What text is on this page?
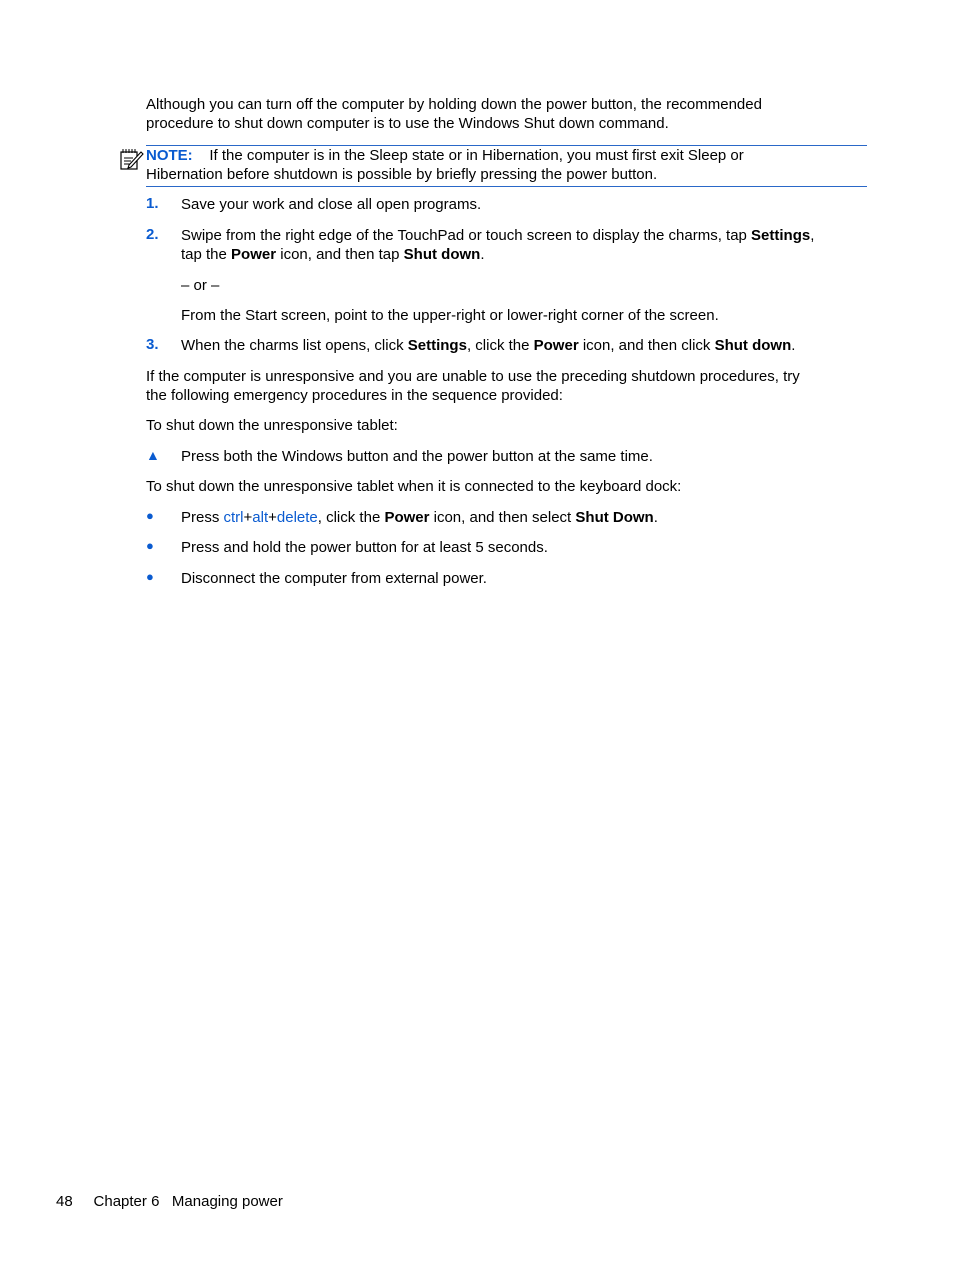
Although you can turn off the computer by holding down the power button, the recommended
procedure to shut down computer is to use the Windows Shut down command.

NOTE: If the computer is in the Sleep state or in Hibernation, you must first exit Sleep or
Hibernation before shutdown is possible by briefly pressing the power button.
1. Save your work and close all open programs.
2. Swipe from the right edge of the TouchPad or touch screen to display the charms, tap Settings,
tap the Power icon, and then tap Shut down.
– or –
From the Start screen, point to the upper-right or lower-right corner of the screen.
3. When the charms list opens, click Settings, click the Power icon, and then click Shut down.

If the computer is unresponsive and you are unable to use the preceding shutdown procedures, try
the following emergency procedures in the sequence provided:

To shut down the unresponsive tablet:

▲ Press both the Windows button and the power button at the same time.

To shut down the unresponsive tablet when it is connected to the keyboard dock:

● Press ctrl+alt+delete, click the Power icon, and then select Shut Down.
● Press and hold the power button for at least 5 seconds.
● Disconnect the computer from external power.
48 Chapter 6 Managing power
